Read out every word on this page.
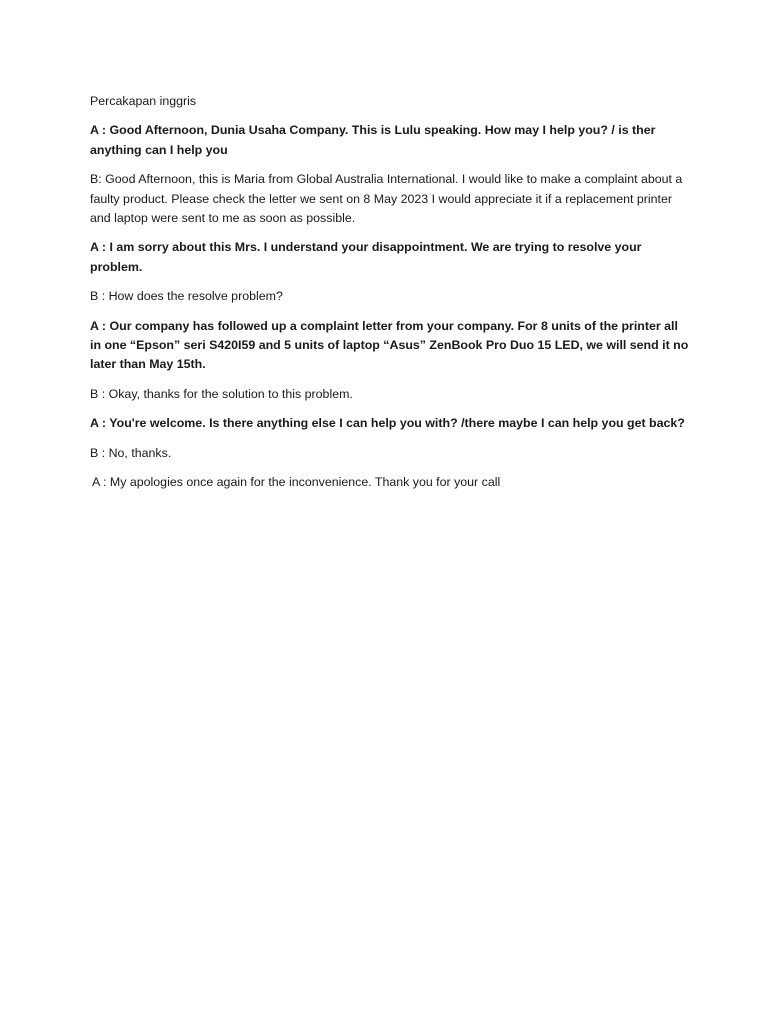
Percakapan inggris

A : Good Afternoon, Dunia Usaha Company. This is Lulu speaking. How may I help you? / is ther anything can I help you

B: Good Afternoon, this is Maria from Global Australia International. I would like to make a complaint about a faulty product. Please check the letter we sent on 8 May 2023 I would appreciate it if a replacement printer and laptop were sent to me as soon as possible.

A : I am sorry about this Mrs. I understand your disappointment. We are trying to resolve your problem.

B : How does the resolve problem?

A : Our company has followed up a complaint letter from your company. For 8 units of the printer all in one “Epson” seri S420I59 and 5 units of laptop “Asus” ZenBook Pro Duo 15 LED, we will send it no later than May 15th.

B : Okay, thanks for the solution to this problem.

A : You're welcome. Is there anything else I can help you with? /there maybe I can help you get back?

B : No, thanks.

A : My apologies once again for the inconvenience. Thank you for your call
